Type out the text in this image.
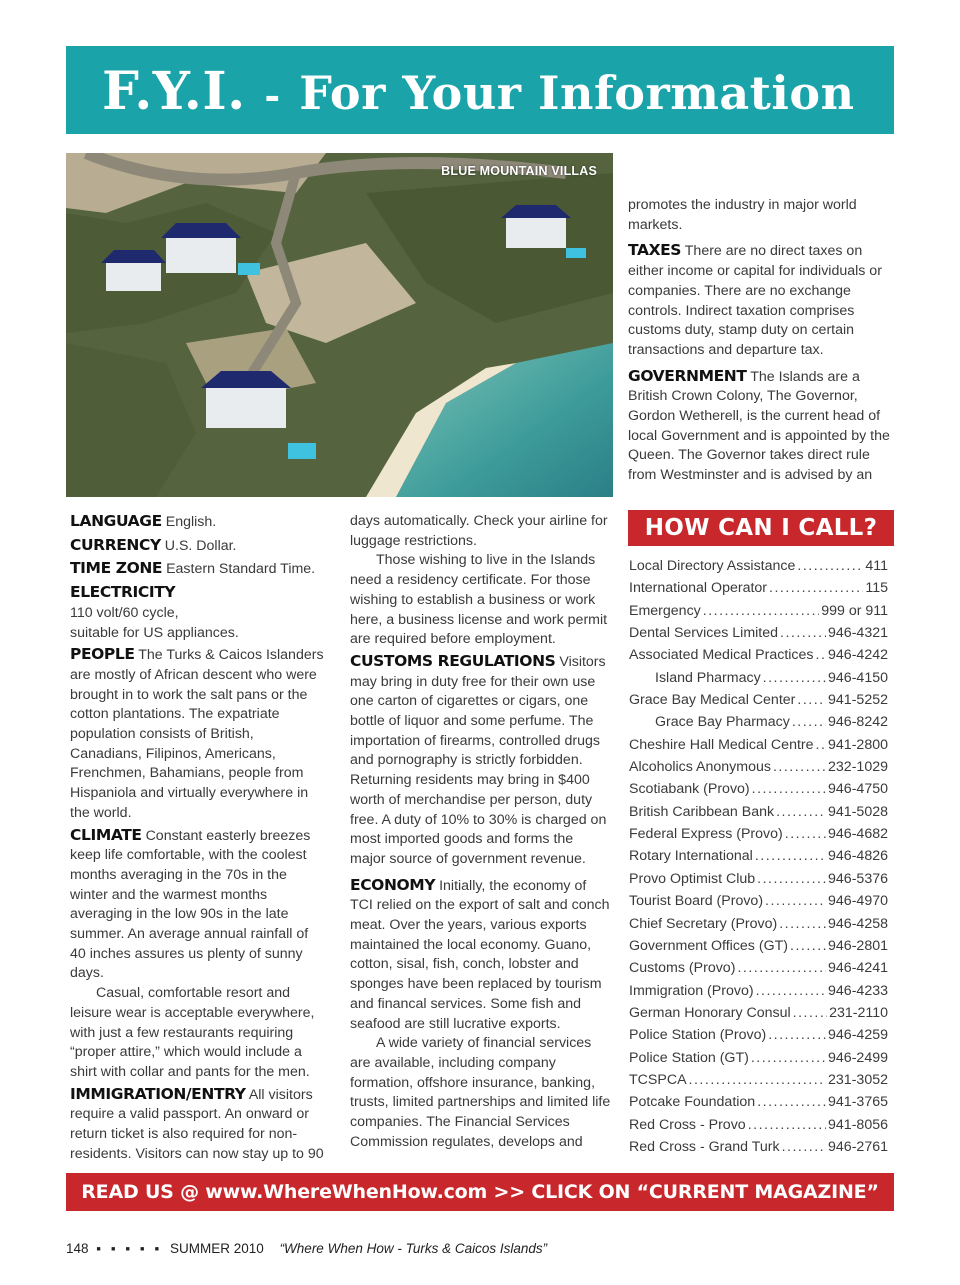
F.Y.I. - For Your Information
BLUE MOUNTAIN VILLAS

promotes the industry in major world markets.

TAXES There are no direct taxes on either income or capital for individuals or companies. There are no exchange controls. Indirect taxation comprises customs duty, stamp duty on certain transactions and departure tax.

GOVERNMENT The Islands are a British Crown Colony, The Governor, Gordon Wetherell, is the current head of local Government and is appointed by the Queen. The Governor takes direct rule from Westminster and is advised by an

LANGUAGE English.

CURRENCY U.S. Dollar.

TIME ZONE Eastern Standard Time.

ELECTRICITY

110 volt/60 cycle,

suitable for US appliances.

PEOPLE The Turks & Caicos Islanders are mostly of African descent who were brought in to work the salt pans or the cotton plantations. The expatriate population consists of British, Canadians, Filipinos, Americans, Frenchmen, Bahamians, people from Hispaniola and virtually everywhere in the world.

CLIMATE Constant easterly breezes keep life comfortable, with the coolest months averaging in the 70s in the winter and the warmest months averaging in the low 90s in the late summer. An average annual rainfall of 40 inches assures us plenty of sunny days.

Casual, comfortable resort and leisure wear is acceptable everywhere, with just a few restaurants requiring “proper attire,” which would include a shirt with collar and pants for the men.

IMMIGRATION/ENTRY All visitors require a valid passport. An onward or return ticket is also required for non-residents. Visitors can now stay up to 90

days automatically. Check your airline for luggage restrictions.

Those wishing to live in the Islands need a residency certificate. For those wishing to establish a business or work here, a business license and work permit are required before employment.

CUSTOMS REGULATIONS Visitors may bring in duty free for their own use one carton of cigarettes or cigars, one bottle of liquor and some perfume. The importation of firearms, controlled drugs and pornography is strictly forbidden. Returning residents may bring in $400 worth of merchandise per person, duty free. A duty of 10% to 30% is charged on most imported goods and forms the major source of government revenue.

ECONOMY Initially, the economy of TCI relied on the export of salt and conch meat. Over the years, various exports maintained the local economy. Guano, cotton, sisal, fish, conch, lobster and sponges have been replaced by tourism and financal services. Some fish and seafood are still lucrative exports.

A wide variety of financial services are available, including company formation, offshore insurance, banking, trusts, limited partnerships and limited life companies. The Financial Services Commission regulates, develops and

HOW CAN I CALL?
Local Directory Assistance .....	411
International Operator .....	115
Emergency .....	999 or 911
Dental Services Limited .....	946-4321
Associated Medical Practices ..... 946-4242
Island Pharmacy .....	946-4150
Grace Bay Medical Center ..... 941-5252
Grace Bay Pharmacy .....	946-8242
Cheshire Hall Medical Centre ..... 941-2800
Alcoholics Anonymous .....	232-1029
Scotiabank (Provo) .....	946-4750
British Caribbean Bank .....	941-5028
Federal Express (Provo) .....	946-4682
Rotary International .....	946-4826
Provo Optimist Club .....	946-5376
Tourist Board (Provo) .....	946-4970
Chief Secretary (Provo) .....	946-4258
Government Offices (GT) .....	946-2801
Customs (Provo) .....	946-4241
Immigration (Provo) .....	946-4233
German Honorary Consul .....	231-2110
Police Station (Provo) .....	946-4259
Police Station (GT) .....	946-2499
TCSPCA .....	231-3052
Potcake Foundation .....	941-3765
Red Cross - Provo .....	941-8056
Red Cross - Grand Turk .....	946-2761
READ US @ www.WhereWhenHow.com >> CLICK ON “CURRENT MAGAZINE”
148 ▪ ▪ ▪ ▪ ▪ SUMMER 2010 “Where When How - Turks & Caicos Islands”
